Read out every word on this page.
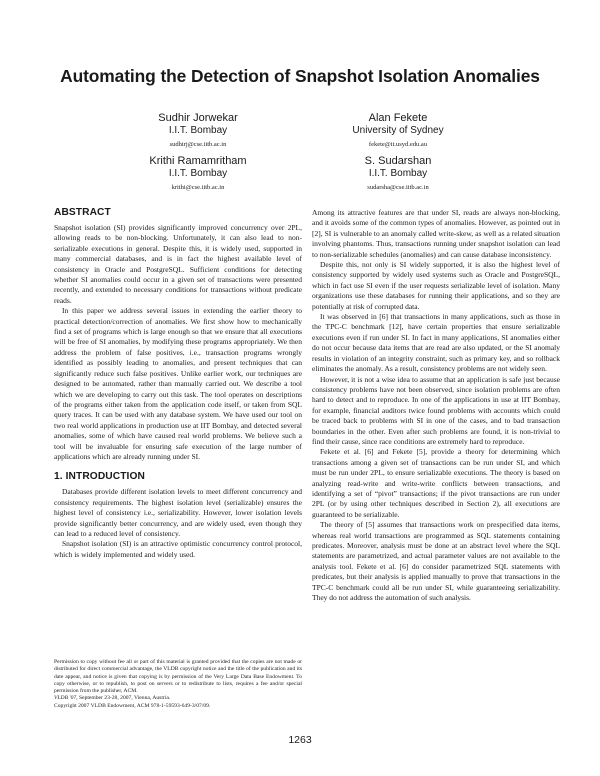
Automating the Detection of Snapshot Isolation Anomalies
Sudhir Jorwekar
I.I.T. Bombay
sudhirj@cse.iitb.ac.in
Alan Fekete
University of Sydney
fekete@it.usyd.edu.au
Krithi Ramamritham
I.I.T. Bombay
krithi@cse.iitb.ac.in
S. Sudarshan
I.I.T. Bombay
sudarsha@cse.iitb.ac.in
ABSTRACT

Snapshot isolation (SI) provides significantly improved concurrency over 2PL, allowing reads to be non-blocking. Unfortunately, it can also lead to non-serializable executions in general. Despite this, it is widely used, supported in many commercial databases, and is in fact the highest available level of consistency in Oracle and PostgreSQL. Sufficient conditions for detecting whether SI anomalies could occur in a given set of transactions were presented recently, and extended to necessary conditions for transactions without predicate reads.

In this paper we address several issues in extending the earlier theory to practical detection/correction of anomalies. We first show how to mechanically find a set of programs which is large enough so that we ensure that all executions will be free of SI anomalies, by modifying these programs appropriately. We then address the problem of false positives, i.e., transaction programs wrongly identified as possibly leading to anomalies, and present techniques that can significantly reduce such false positives. Unlike earlier work, our techniques are designed to be automated, rather than manually carried out. We describe a tool which we are developing to carry out this task. The tool operates on descriptions of the programs either taken from the application code itself, or taken from SQL query traces. It can be used with any database system. We have used our tool on two real world applications in production use at IIT Bombay, and detected several anomalies, some of which have caused real world problems. We believe such a tool will be invaluable for ensuring safe execution of the large number of applications which are already running under SI.

1. INTRODUCTION

Databases provide different isolation levels to meet different concurrency and consistency requirements. The highest isolation level (serializable) ensures the highest level of consistency i.e., serializability. However, lower isolation levels provide significantly better concurrency, and are widely used, even though they can lead to a reduced level of consistency.

Snapshot isolation (SI) is an attractive optimistic concurrency control protocol, which is widely implemented and widely used.

Permission to copy without fee all or part of this material is granted provided that the copies are not made or distributed for direct commercial advantage, the VLDB copyright notice and the title of the publication and its date appear, and notice is given that copying is by permission of the Very Large Data Base Endowment. To copy otherwise, or to republish, to post on servers or to redistribute to lists, requires a fee and/or special permission from the publisher, ACM.

VLDB '07, September 23-28, 2007, Vienna, Austria.
Copyright 2007 VLDB Endowment, ACM 978-1-59593-649-3/07/09.

Among its attractive features are that under SI, reads are always non-blocking, and it avoids some of the common types of anomalies. However, as pointed out in [2], SI is vulnerable to an anomaly called write-skew, as well as a related situation involving phantoms. Thus, transactions running under snapshot isolation can lead to non-serializable schedules (anomalies) and can cause database inconsistency.

Despite this, not only is SI widely supported, it is also the highest level of consistency supported by widely used systems such as Oracle and PostgreSQL, which in fact use SI even if the user requests serializable level of isolation. Many organizations use these databases for running their applications, and so they are potentially at risk of corrupted data.

It was observed in [6] that transactions in many applications, such as those in the TPC-C benchmark [12], have certain properties that ensure serializable executions even if run under SI. In fact in many applications, SI anomalies either do not occur because data items that are read are also updated, or the SI anomaly results in violation of an integrity constraint, such as primary key, and so rollback eliminates the anomaly. As a result, consistency problems are not widely seen.

However, it is not a wise idea to assume that an application is safe just because consistency problems have not been observed, since isolation problems are often hard to detect and to reproduce. In one of the applications in use at IIT Bombay, for example, financial auditors twice found problems with accounts which could be traced back to problems with SI in one of the cases, and to bad transaction boundaries in the other. Even after such problems are found, it is non-trivial to find their cause, since race conditions are extremely hard to reproduce.

Fekete et al. [6] and Fekete [5], provide a theory for determining which transactions among a given set of transactions can be run under SI, and which must be run under 2PL, to ensure serializable executions. The theory is based on analyzing read-write and write-write conflicts between transactions, and identifying a set of “pivot” transactions; if the pivot transactions are run under 2PL (or by using other techniques described in Section 2), all executions are guaranteed to be serializable.

The theory of [5] assumes that transactions work on prespecified data items, whereas real world transactions are programmed as SQL statements containing predicates. Moreover, analysis must be done at an abstract level where the SQL statements are parametrized, and actual parameter values are not available to the analysis tool. Fekete et al. [6] do consider parametrized SQL statements with predicates, but their analysis is applied manually to prove that transactions in the TPC-C benchmark could all be run under SI, while guaranteeing serializability. They do not address the automation of such analysis.

1263
